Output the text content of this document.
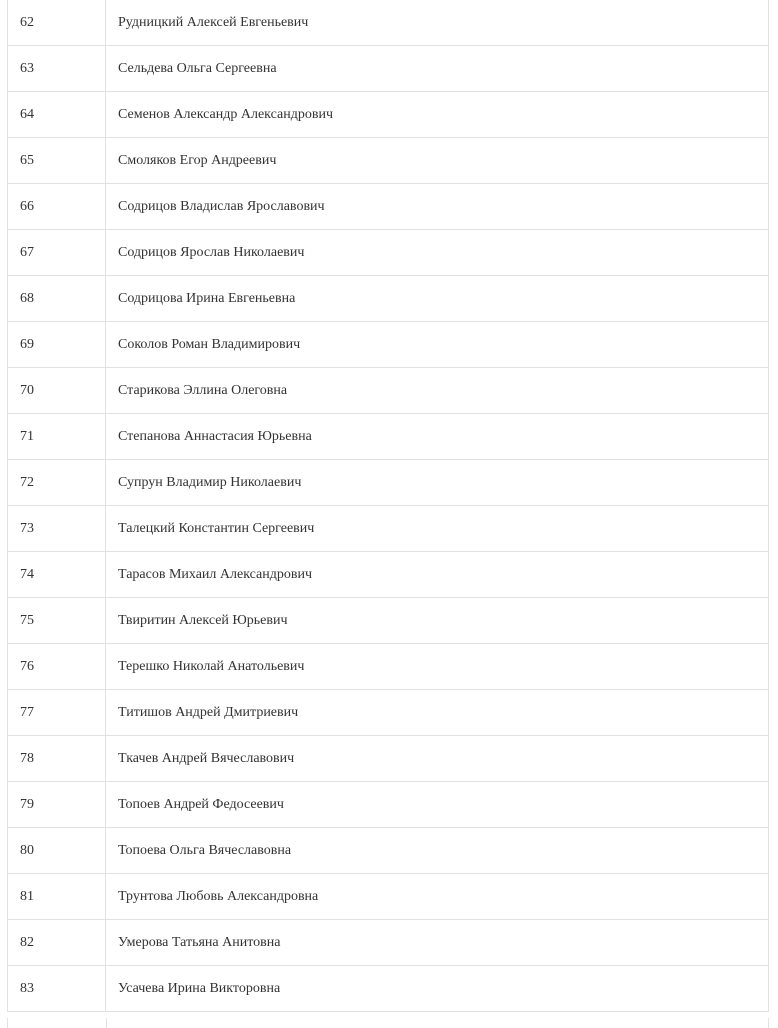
62	Рудницкий Алексей Евгеньевич
63	Сельдева Ольга Сергеевна
64	Семенов Александр Александрович
65	Смоляков Егор Андреевич
66	Содрицов Владислав Ярославович
67	Содрицов Ярослав Николаевич
68	Содрицова Ирина Евгеньевна
69	Соколов Роман Владимирович
70	Старикова Эллина Олеговна
71	Степанова Аннастасия Юрьевна
72	Супрун Владимир Николаевич
73	Талецкий Константин Сергеевич
74	Тарасов Михаил Александрович
75	Твиритин Алексей Юрьевич
76	Терешко Николай Анатольевич
77	Титишов Андрей Дмитриевич
78	Ткачев Андрей Вячеславович
79	Топоев Андрей Федосеевич
80	Топоева Ольга Вячеславовна
81	Трунтова Любовь Александровна
82	Умерова Татьяна Анитовна
83	Усачева Ирина Викторовна
